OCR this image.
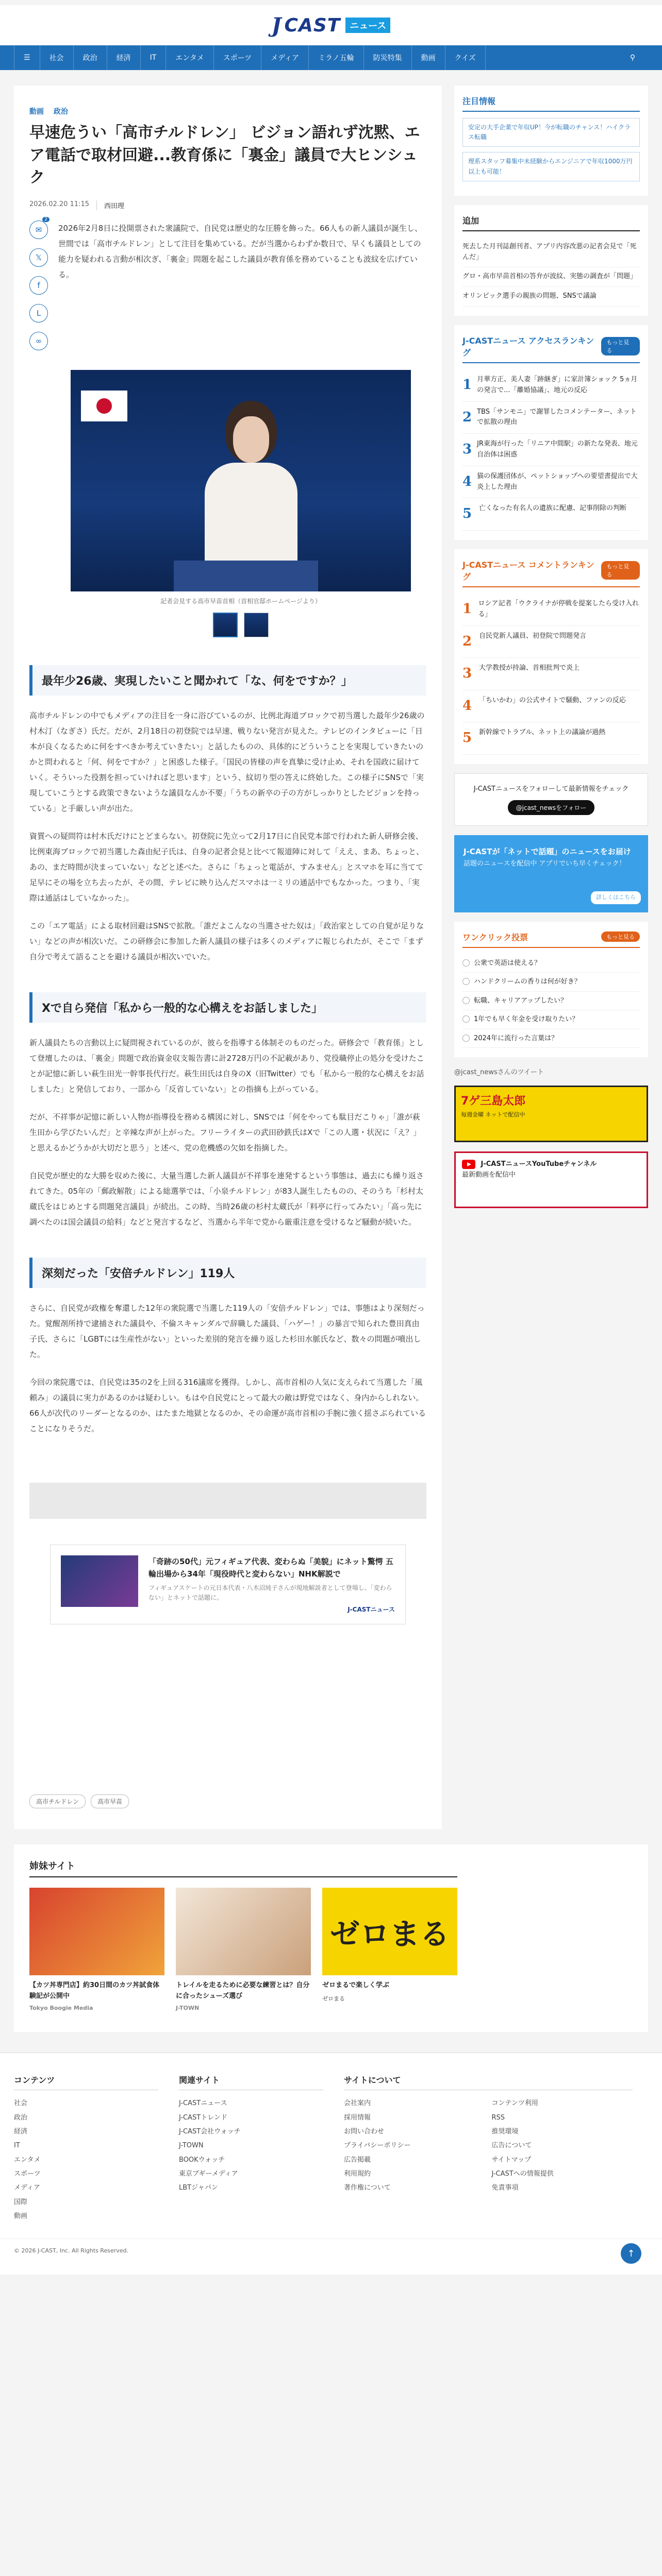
J CAST	ニュース
☰	社会	政治	経済	IT	エンタメ	スポーツ	メディア	ミラノ五輪	防災特集	動画	クイズ	⚲
動画 政治
早速危うい「高市チルドレン」 ビジョン語れず沈黙、エア電話で取材回避...教育係に「裏金」議員で大ヒンシュク
2026.02.20 11:15	西田理
✉
2
𝕏
f
L
∞

2026年2月8日に投開票された衆議院で、自民党は歴史的な圧勝を飾った。66人もの新人議員が誕生し、世間では「高市チルドレン」として注目を集めている。だが当選からわずか数日で、早くも議員としての能力を疑われる言動が相次ぎ、「裏金」問題を起こした議員が教育係を務めていることも波紋を広げている。

記者会見する高市早苗首相（首相官邸ホームページより）
最年少26歳、実現したいこと聞かれて「な、何をですか？」

高市チルドレンの中でもメディアの注目を一身に浴びているのが、比例北海道ブロックで初当選した最年少26歳の村木汀（なぎさ）氏だ。だが、2月18日の初登院では早速、戦りない発言が見えた。テレビのインタビューに「日本が良くなるために何をすべきか考えていきたい」と話したものの、具体的にどういうことを実現していきたいのかと問われると「何、何をですか？」と困惑した様子。「国民の皆様の声を真摯に受け止め、それを国政に届けていく。そういった役割を担っていければと思います」という、紋切り型の答えに終始した。この様子にSNSで「実現していこうとする政策できないような議員なんか不要」「うちの新卒の子の方がしっかりとしたビジョンを持っている」と手厳しい声が出た。

資質への疑問符は村木氏だけにとどまらない。初登院に先立って2月17日に自民党本部で行われた新人研修会後、比例東海ブロックで初当選した森由紀子氏は、自身の記者会見と比べて報道陣に対して「ええ、まあ、ちょっと、あの、まだ時間が決まっていない」などと述べた。さらに「ちょっと電話が、すみません」とスマホを耳に当てて足早にその場を立ち去ったが、その間、テレビに映り込んだスマホは一ミリの通話中でもなかった。つまり、「実際は通話はしていなかった」。

この「エア電話」による取材回避はSNSで拡散。「誰だよこんなの当選させた奴は」「政治家としての自覚が足りない」などの声が相次いだ。この研修会に参加した新人議員の様子は多くのメディアに報じられたが、そこで「まず自分で考えて語ることを避ける議員が相次いでいた。

Xで自ら発信「私から一般的な心構えをお話しました」

新人議員たちの言動以上に疑問視されているのが、彼らを指導する体制そのものだった。研修会で「教育係」として登壇したのは、「裏金」問題で政治資金収支報告書に計2728万円の不記載があり、党役職停止の処分を受けたことが記憶に新しい萩生田光一幹事長代行だ。萩生田氏は自身のX（旧Twitter）でも「私から一般的な心構えをお話しました」と発信しており、一部から「反省していない」との指摘も上がっている。

だが、不祥事が記憶に新しい人物が指導役を務める構図に対し、SNSでは「何をやっても駄目だこりゃ」「誰が萩生田から学びたいんだ」と辛辣な声が上がった。フリーライターの武田砂鉄氏はXで「この人選・状況に「え？」と思えるかどうかが大切だと思う」と述べ、党の危機感の欠如を指摘した。

自民党が歴史的な大勝を収めた後に、大量当選した新人議員が不祥事を連発するという事態は、過去にも繰り返されてきた。05年の「郵政解散」による総選挙では、「小泉チルドレン」が83人誕生したものの、そのうち「杉村太蔵氏をはじめとする問題発言議員」が続出。この時、当時26歳の杉村太蔵氏が「料亭に行ってみたい」「高っ先に調べたのは国会議員の給料」などと発言するなど、当選から半年で党から厳重注意を受けるなど騒動が続いた。

深刻だった「安倍チルドレン」119人

さらに、自民党が政権を奪還した12年の衆院選で当選した119人の「安倍チルドレン」では、事態はより深刻だった。覚醒剤所持で逮捕された議員や、不倫スキャンダルで辞職した議員、「ハゲー！」の暴言で知られた豊田真由子氏、さらに「LGBTには生産性がない」といった差別的発言を繰り返した杉田水脈氏など、数々の問題が噴出した。

今回の衆院選では、自民党は35の2を上回る316議席を獲得。しかし、高市首相の人気に支えられて当選した「風頼み」の議員に実力があるのかは疑わしい。もはや自民党にとって最大の敵は野党ではなく、身内からしれない。66人が次代のリーダーとなるのか、はたまた地獄となるのか、その命運が高市首相の手腕に強く揺さぶられていることになりそうだ。

「奇跡の50代」元フィギュア代表、変わらぬ「美貌」にネット驚愕 五輪出場から34年「現役時代と変わらない」NHK解説で
フィギュアスケートの元日本代表・八木沼純子さんが現地解説者として登場し、「変わらない」とネットで話題に。
J-CASTニュース
高市チルドレン	高市早苗
注目情報
安定の大手企業で年収UP！今が転職のチャンス！ハイクラス転職
理系スタッフ募集中未経験からエンジニアで年収1000万円以上も可能！
追加
死去した月刊誌創刊者、アプリ内容改悪の記者会見で「死んだ」
グロ・高市早苗首相の答弁が波紋、実態の調査が「問題」
オリンピック選手の親族の問題、SNSで議論
J-CASTニュース アクセスランキング
もっと見る
1 月華方正、美人妻「跡継ぎ」に家計簿ショック 5ヵ月の発言で...「離婚協議」、地元の反応
2 TBS「サンモニ」で謝罪したコメンテーター、ネットで拡散の理由
3 JR東海が行った「リニア中間駅」の新たな発表、地元自治体は困惑
4 猫の保護団体が、ペットショップへの要望書提出で大炎上した理由
5	亡くなった有名人の遺族に配慮、記事削除の判断
J-CASTニュース コメントランキング
もっと見る
1 ロシア記者「ウクライナが停戦を提案したら受け入れる」
2	自民党新人議員、初登院で問題発言
3	大学教授が持論、首相批判で炎上
4	「ちいかわ」の公式サイトで騒動、ファンの反応
5	新幹線でトラブル、ネット上の議論が過熱

J-CASTニュースをフォローして最新情報をチェック

@jcast_newsをフォロー
J-CASTが「ネットで話題」のニュースをお届け
話題のニュースを配信中 アプリでいち早くチェック！
詳しくはこちら
ワンクリック投票	もっと見る
公衆で英語は使える？
ハンドクリームの香りは何が好き？
転職、キャリアアップしたい？
1年でも早く年金を受け取りたい？
2024年に流行った言葉は？
@jcast_newsさんのツイート
7ゲ三島太郎
毎週金曜 ネットで配信中
J-CASTニュースYouTubeチャンネル
最新動画を配信中
姉妹サイト
【カツ丼専門店】約30日間のカツ丼試食体験記が公開中
Tokyo Boogie Media
トレイルを走るために必要な練習とは？自分に合ったシューズ選び
J-TOWN
ゼロまる
ゼロまるで楽しく学ぶ
ゼロまる
コンテンツ
社会
政治
経済
IT
エンタメ
スポーツ
メディア
国際
動画
関連サイト
J-CASTニュース
J-CASTトレンド
J-CAST会社ウォッチ
J-TOWN
BOOKウォッチ
東京ブギーメディア
LBTジャパン
サイトについて
会社案内
採用情報
お問い合わせ
プライバシーポリシー
広告掲載
利用規約
著作権について
コンテンツ利用
RSS
推奨環境
広告について
サイトマップ
J-CASTへの情報提供
免責事項
© 2026 J-CAST, Inc. All Rights Reserved.	↑
